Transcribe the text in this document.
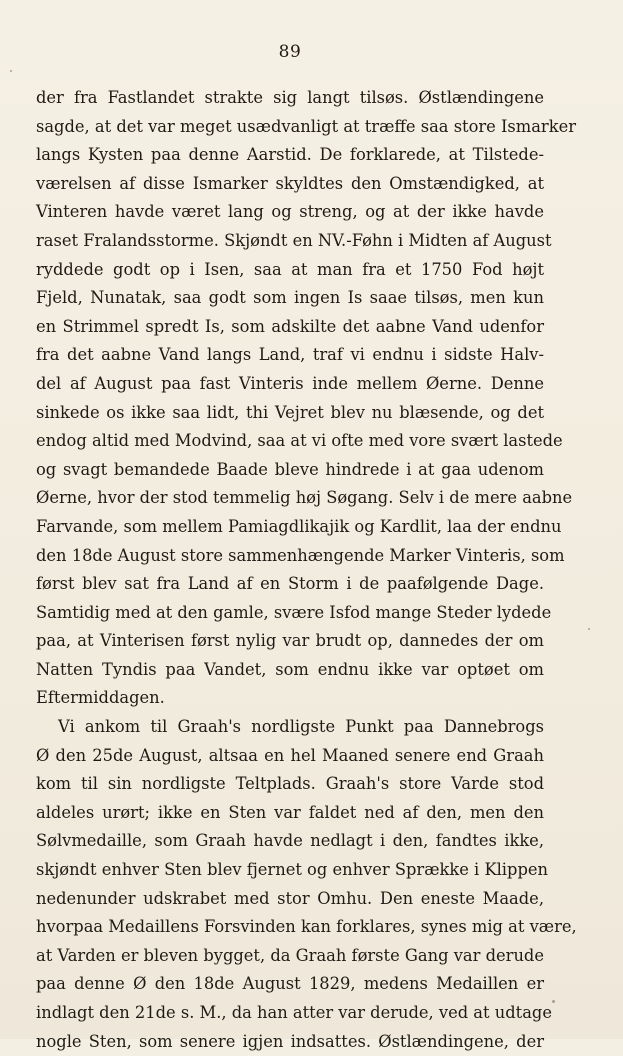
89
der fra Fastlandet strakte sig langt tilsøs. Østlændingene
sagde, at det var meget usædvanligt at træffe saa store Ismarker
langs Kysten paa denne Aarstid. De forklarede, at Tilstede-
værelsen af disse Ismarker skyldtes den Omstændigked, at
Vinteren havde været lang og streng, og at der ikke havde
raset Fralandsstorme. Skjøndt en NV.-Føhn i Midten af August
ryddede godt op i Isen, saa at man fra et 1750 Fod højt
Fjeld, Nunatak, saa godt som ingen Is saae tilsøs, men kun
en Strimmel spredt Is, som adskilte det aabne Vand udenfor
fra det aabne Vand langs Land, traf vi endnu i sidste Halv-
del af August paa fast Vinteris inde mellem Øerne. Denne
sinkede os ikke saa lidt, thi Vejret blev nu blæsende, og det
endog altid med Modvind, saa at vi ofte med vore svært lastede
og svagt bemandede Baade bleve hindrede i at gaa udenom
Øerne, hvor der stod temmelig høj Søgang. Selv i de mere aabne
Farvande, som mellem Pamiagdlikajik og Kardlit, laa der endnu
den 18de August store sammenhængende Marker Vinteris, som
først blev sat fra Land af en Storm i de paafølgende Dage.
Samtidig med at den gamle, svære Isfod mange Steder lydede
paa, at Vinterisen først nylig var brudt op, dannedes der om
Natten Tyndis paa Vandet, som endnu ikke var optøet om
Eftermiddagen.
Vi ankom til Graah's nordligste Punkt paa Dannebrogs
Ø den 25de August, altsaa en hel Maaned senere end Graah
kom til sin nordligste Teltplads. Graah's store Varde stod
aldeles urørt; ikke en Sten var faldet ned af den, men den
Sølvmedaille, som Graah havde nedlagt i den, fandtes ikke,
skjøndt enhver Sten blev fjernet og enhver Sprække i Klippen
nedenunder udskrabet med stor Omhu. Den eneste Maade,
hvorpaa Medaillens Forsvinden kan forklares, synes mig at være,
at Varden er bleven bygget, da Graah første Gang var derude
paa denne Ø den 18de August 1829, medens Medaillen er
indlagt den 21de s. M., da han atter var derude, ved at udtage
nogle Sten, som senere igjen indsattes. Østlændingene, der
